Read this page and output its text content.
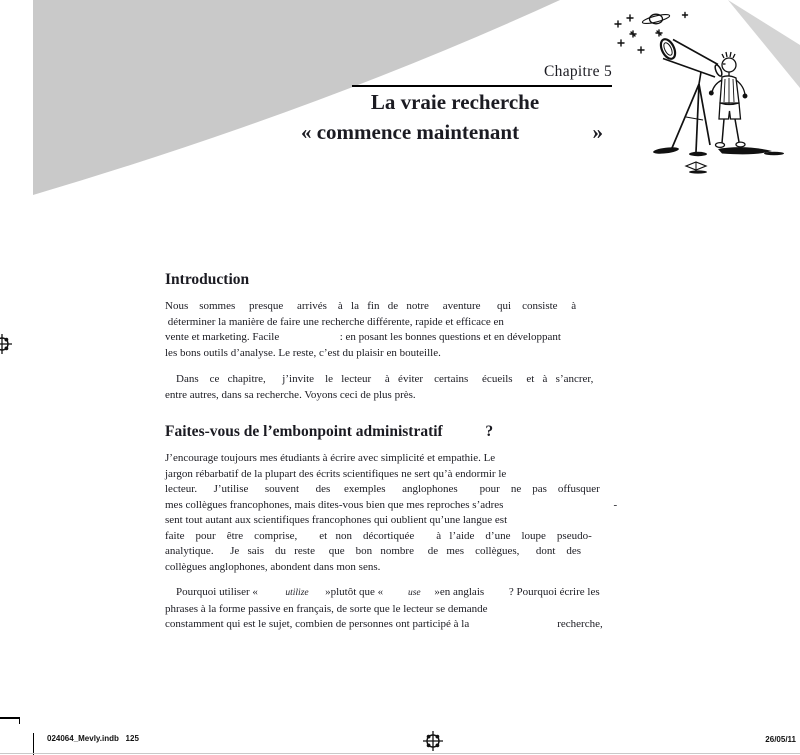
Chapitre 5
La vraie recherche
« commence maintenant              »
Introduction
Nous    sommes     presque     arrivés    à   la   fin   de   notre     aventure      qui    consiste     à
déterminer la manière de faire une recherche différente, rapide et efficace en
vente et marketing. Facile                      : en posant les bonnes questions et en développant
les bons outils d’analyse. Le reste, c’est du plaisir en bouteille.
Dans    ce   chapitre,      j’invite    le   lecteur     à   éviter    certains     écueils     et   à   s’ancrer,
entre autres, dans sa recherche. Voyons ceci de plus près.
Faites-vous de l’embonpoint administratif           ?
J’encourage toujours mes étudiants à écrire avec simplicité et empathie. Le
jargon rébarbatif de la plupart des écrits scientifiques ne sert qu’à endormir le
lecteur.      J’utilise      souvent      des     exemples      anglophones        pour    ne    pas    offusquer
mes collègues francophones, mais dites-vous bien que mes reproches s’adres                                        -
sent tout autant aux scientifiques francophones qui oublient qu’une langue est
faite    pour    être    comprise,        et   non    décortiquée        à   l’aide    d’une    loupe    pseudo-
analytique.      Je   sais    du   reste     que    bon   nombre     de   mes    collègues,      dont    des
collègues anglophones, abondent dans mon sens.
Pourquoi utiliser «          utilize      »plutôt que «         use     »en anglais         ? Pourquoi écrire les
phrases à la forme passive en français, de sorte que le lecteur se demande
constamment qui est le sujet, combien de personnes ont participé à la                                recherche,
024064_Mevly.indb   125	26/05/11
